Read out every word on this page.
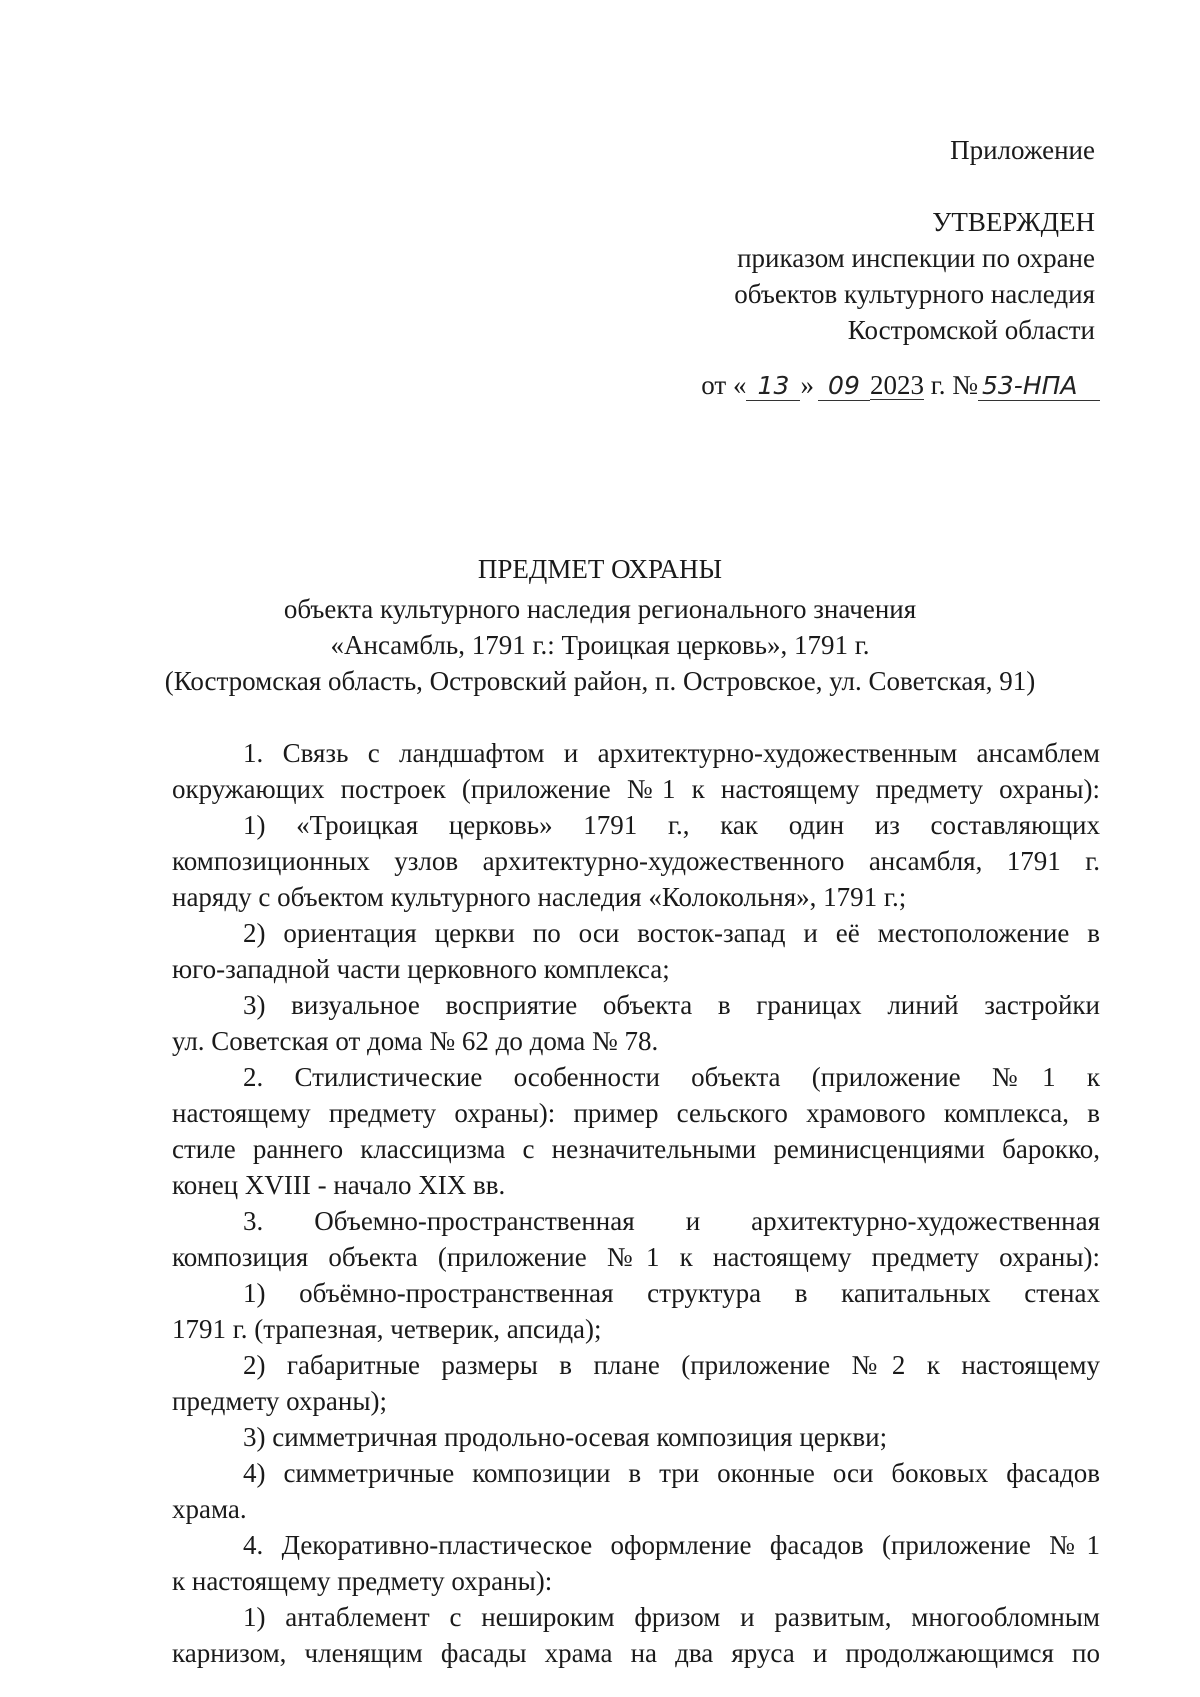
Приложение
УТВЕРЖДЕН
приказом инспекции по охране
объектов культурного наследия
Костромской области
от « 13 » 09 2023 г. № 53-НПА
ПРЕДМЕТ ОХРАНЫ
объекта культурного наследия регионального значения
«Ансамбль, 1791 г.: Троицкая церковь», 1791 г.
(Костромская область, Островский район, п. Островское, ул. Советская, 91)
1. Связь с ландшафтом и архитектурно-художественным ансамблем
окружающих построек (приложение №1 к настоящему предмету охраны):
1) «Троицкая церковь» 1791 г., как один из составляющих
композиционных узлов архитектурно-художественного ансамбля, 1791 г.
наряду с объектом культурного наследия «Колокольня», 1791 г.;
2) ориентация церкви по оси восток-запад и её местоположение в
юго-западной части церковного комплекса;
3) визуальное восприятие объекта в границах линий застройки
ул. Советская от дома № 62 до дома № 78.
2. Стилистические особенности объекта (приложение №1 к
настоящему предмету охраны): пример сельского храмового комплекса, в
стиле раннего классицизма с незначительными реминисценциями барокко,
конец XVIII - начало XIX вв.
3. Объемно-пространственная и архитектурно-художественная
композиция объекта (приложение №1 к настоящему предмету охраны):
1) объёмно-пространственная структура в капитальных стенах
1791 г. (трапезная, четверик, апсида);
2) габаритные размеры в плане (приложение №2 к настоящему
предмету охраны);
3) симметричная продольно-осевая композиция церкви;
4) симметричные композиции в три оконные оси боковых фасадов
храма.
4. Декоративно-пластическое оформление фасадов (приложение №1
к настоящему предмету охраны):
1) антаблемент с нешироким фризом и развитым, многообломным
карнизом, членящим фасады храма на два яруса и продолжающимся по
